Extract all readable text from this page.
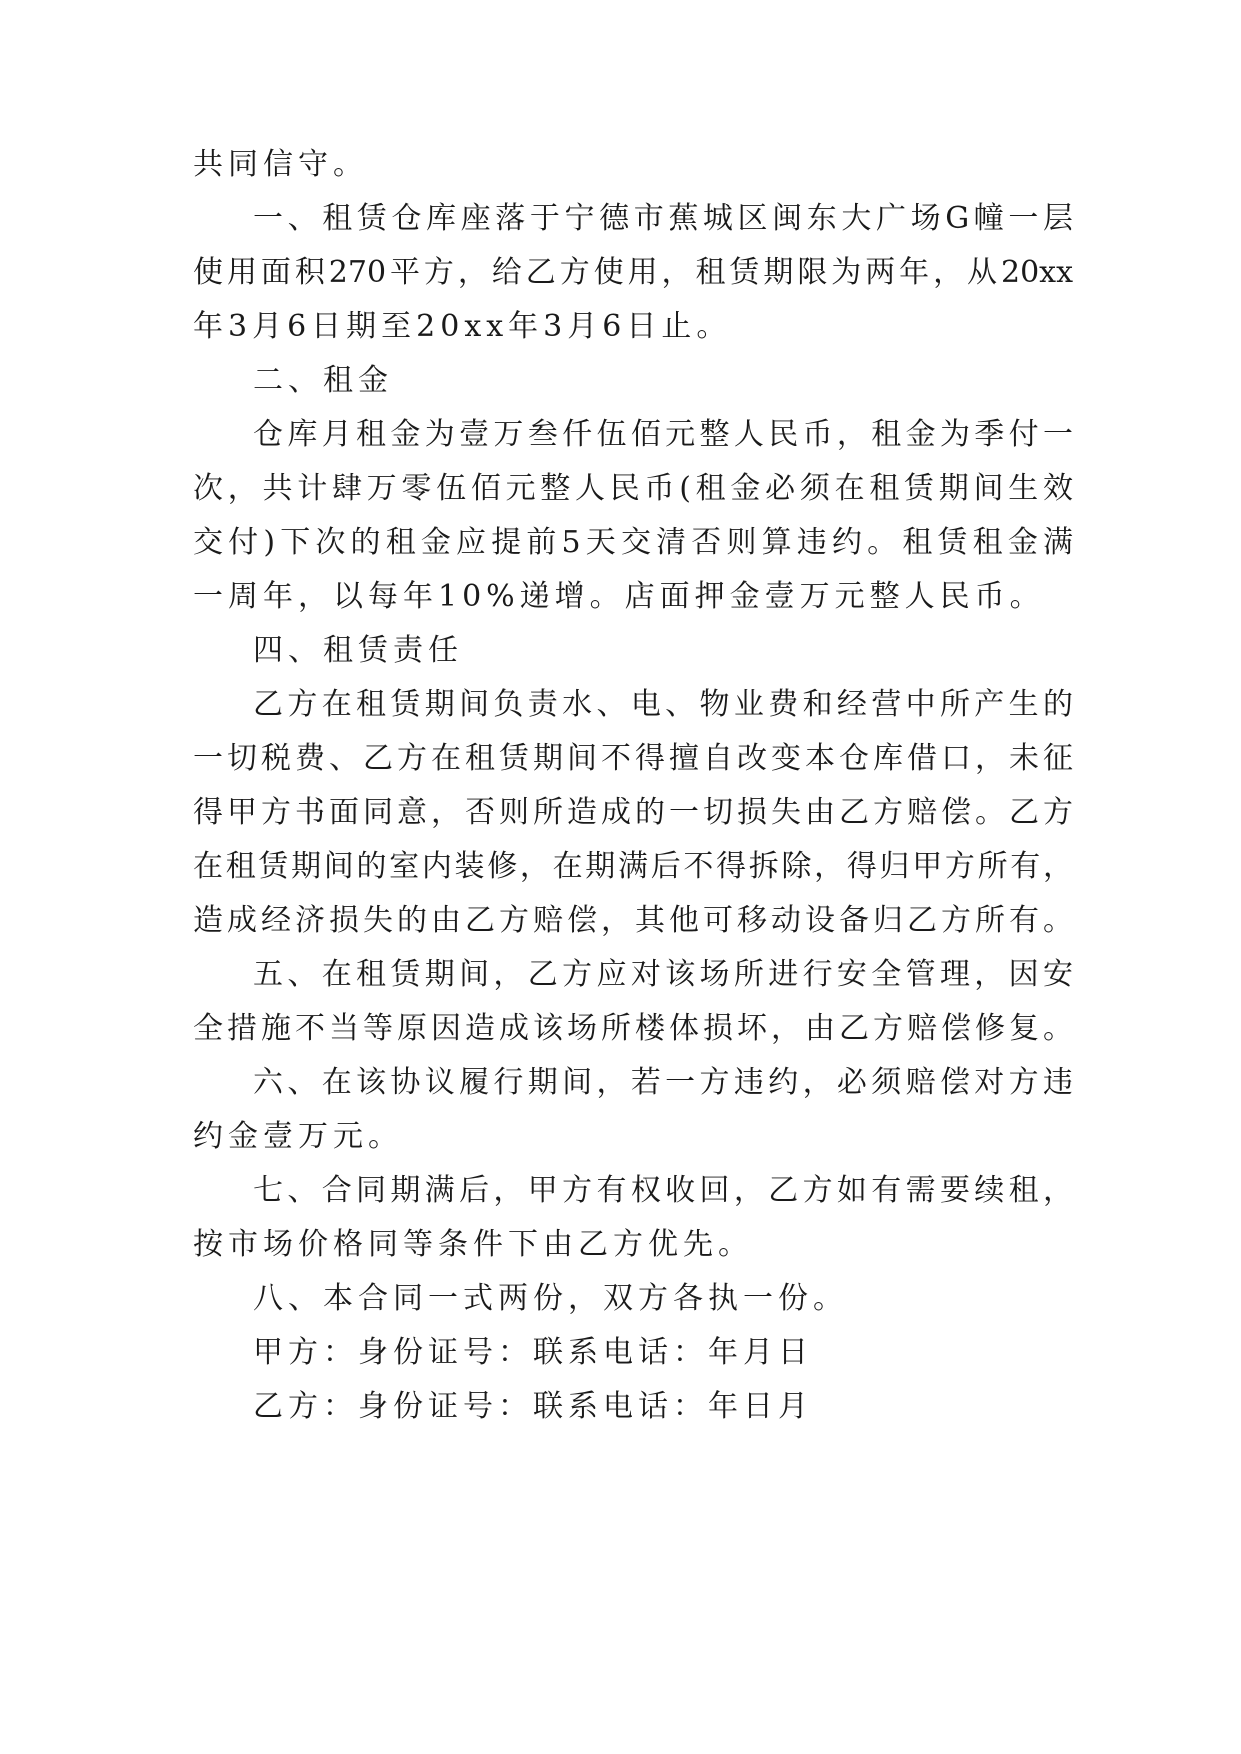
共同信守。
一、租赁仓库座落于宁德市蕉城区闽东大广场G幢一层
使用面积270平方，给乙方使用，租赁期限为两年，从20xx
年3月6日期至20xx年3月6日止。
二、租金
仓库月租金为壹万叁仟伍佰元整人民币，租金为季付一
次，共计肆万零伍佰元整人民币(租金必须在租赁期间生效
交付)下次的租金应提前5天交清否则算违约。租赁租金满
一周年，以每年10%递增。店面押金壹万元整人民币。
四、租赁责任
乙方在租赁期间负责水、电、物业费和经营中所产生的
一切税费、乙方在租赁期间不得擅自改变本仓库借口，未征
得甲方书面同意，否则所造成的一切损失由乙方赔偿。乙方
在租赁期间的室内装修，在期满后不得拆除，得归甲方所有，
造成经济损失的由乙方赔偿，其他可移动设备归乙方所有。
五、在租赁期间，乙方应对该场所进行安全管理，因安
全措施不当等原因造成该场所楼体损坏，由乙方赔偿修复。
六、在该协议履行期间，若一方违约，必须赔偿对方违
约金壹万元。
七、合同期满后，甲方有权收回，乙方如有需要续租，
按市场价格同等条件下由乙方优先。
八、本合同一式两份，双方各执一份。
甲方：身份证号：联系电话：年月日
乙方：身份证号：联系电话：年日月
